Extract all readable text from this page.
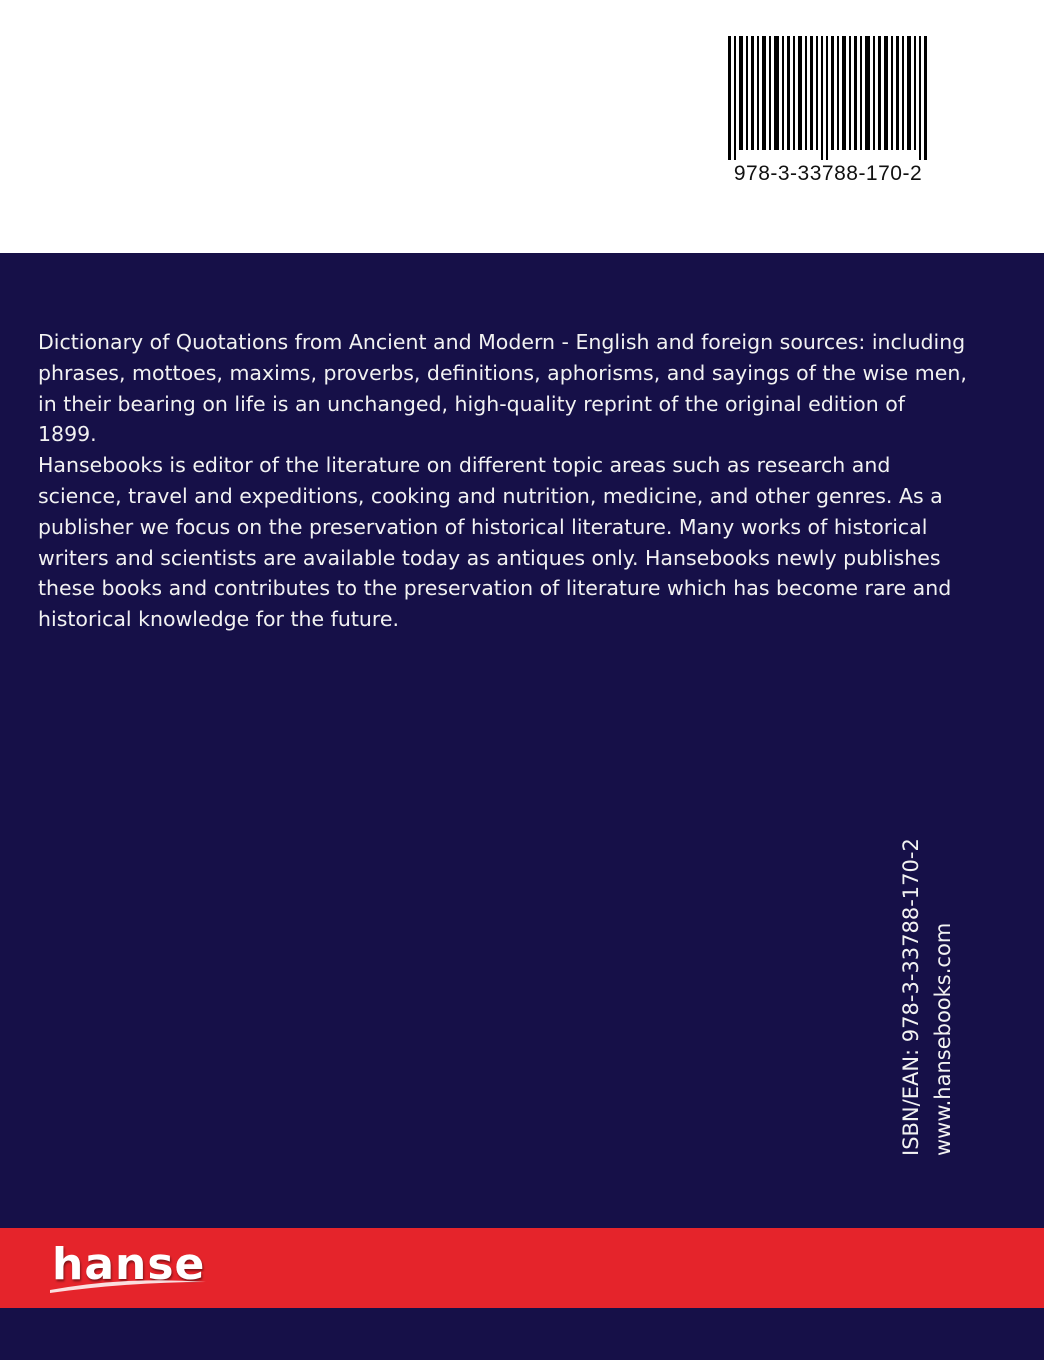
978-3-33788-170-2

Dictionary of Quotations from Ancient and Modern - English and foreign sources: including phrases, mottoes, maxims, proverbs, definitions, aphorisms, and sayings of the wise men, in their bearing on life is an unchanged, high-quality reprint of the original edition of 1899.

Hansebooks is editor of the literature on different topic areas such as research and science, travel and expeditions, cooking and nutrition, medicine, and other genres. As a publisher we focus on the preservation of historical literature. Many works of historical writers and scientists are available today as antiques only. Hansebooks newly publishes these books and contributes to the preservation of literature which has become rare and historical knowledge for the future.

ISBN/EAN: 978-3-33788-170-2 www.hansebooks.com
hanse
